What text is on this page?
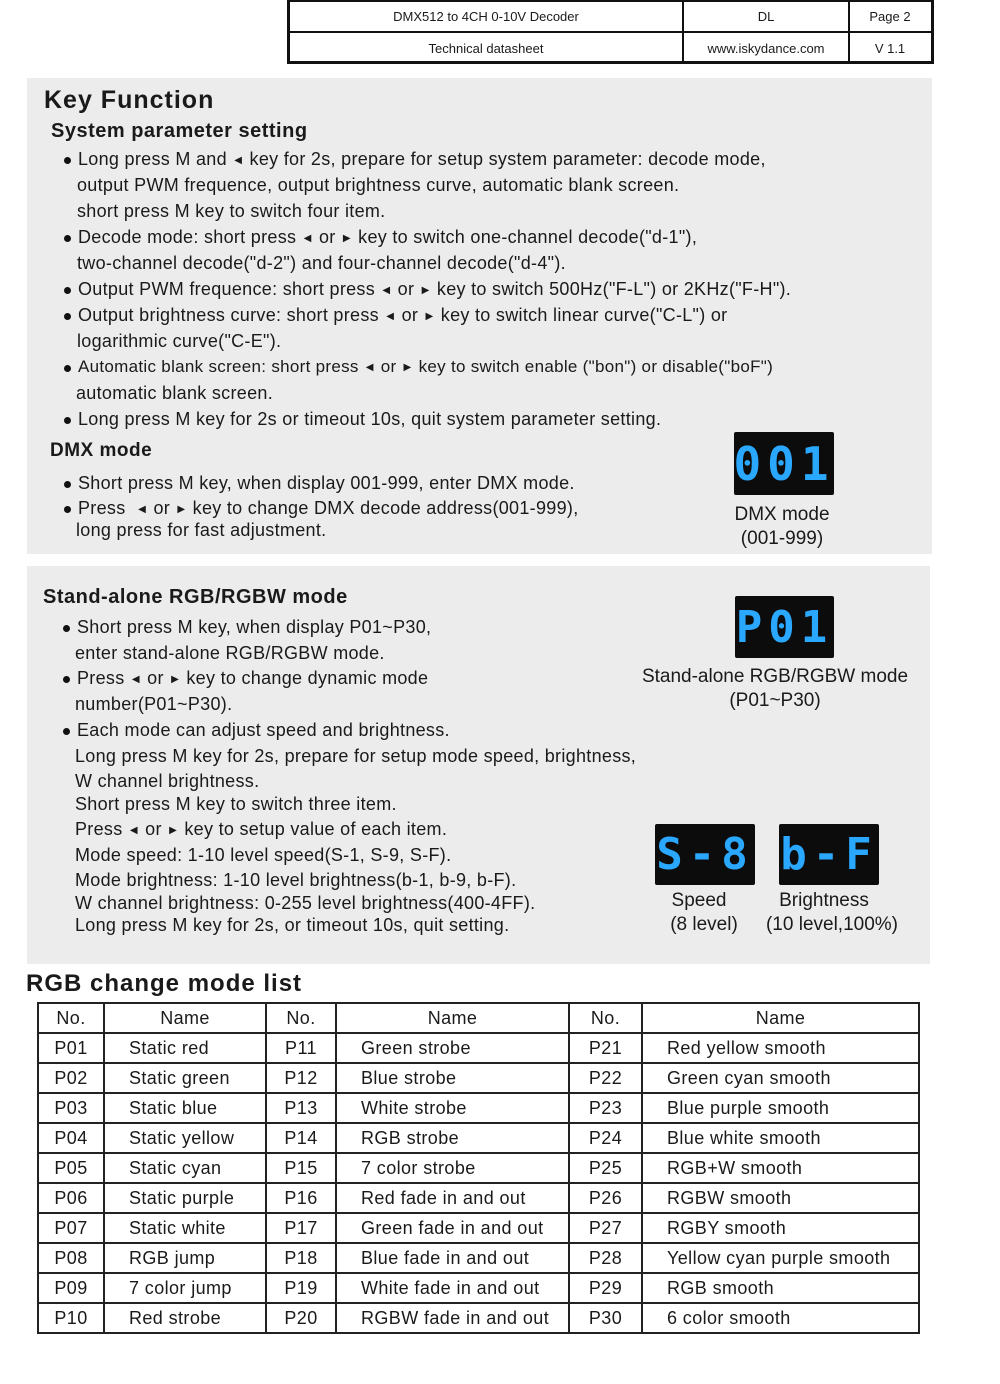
DMX512 to 4CH 0-10V Decoder	DL	Page 2
Technical datasheet	www.iskydance.com	V 1.1
Key Function
System parameter setting
Long press M and ◀ key for 2s, prepare for setup system parameter: decode mode,
output PWM frequence, output brightness curve, automatic blank screen.
short press M key to switch four item.
Decode mode: short press ◀ or ▶ key to switch one-channel decode("d-1"),
two-channel decode("d-2") and four-channel decode("d-4").
Output PWM frequence: short press ◀ or ▶ key to switch 500Hz("F-L") or 2KHz("F-H").
Output brightness curve: short press ◀ or ▶ key to switch linear curve("C-L") or
logarithmic curve("C-E").
Automatic blank screen: short press ◀ or ▶ key to switch enable ("bon") or disable("boF")
automatic blank screen.
Long press M key for 2s or timeout 10s, quit system parameter setting.
DMX mode
Short press M key, when display 001-999, enter DMX mode.
Press ◀ or ▶ key to change DMX decode address(001-999),
long press for fast adjustment.
001
DMX mode
(001-999)
Stand-alone RGB/RGBW mode
Short press M key, when display P01~P30,
enter stand-alone RGB/RGBW mode.
Press ◀ or ▶ key to change dynamic mode
number(P01~P30).
Each mode can adjust speed and brightness.
Long press M key for 2s, prepare for setup mode speed, brightness,
W channel brightness.
Short press M key to switch three item.
Press ◀ or ▶ key to setup value of each item.
Mode speed: 1-10 level speed(S-1, S-9, S-F).
Mode brightness: 1-10 level brightness(b-1, b-9, b-F).
W channel brightness: 0-255 level brightness(400-4FF).
Long press M key for 2s, or timeout 10s, quit setting.
P01
Stand-alone RGB/RGBW mode
(P01~P30)
S-8 b-F
Speed
(8 level)
Brightness
(10 level,100%)
RGB change mode list
No.	Name	No.	Name	No.	Name
P01	Static red	P11	Green strobe	P21	Red yellow smooth
P02	Static green	P12	Blue strobe	P22	Green cyan smooth
P03	Static blue	P13	White strobe	P23	Blue purple smooth
P04	Static yellow	P14	RGB strobe	P24	Blue white smooth
P05	Static cyan	P15	7 color strobe	P25	RGB+W smooth
P06	Static purple	P16	Red fade in and out	P26	RGBW smooth
P07	Static white	P17	Green fade in and out	P27	RGBY smooth
P08	RGB jump	P18	Blue fade in and out	P28	Yellow cyan purple smooth
P09	7 color jump	P19	White fade in and out	P29	RGB smooth
P10	Red strobe	P20	RGBW fade in and out	P30	6 color smooth
